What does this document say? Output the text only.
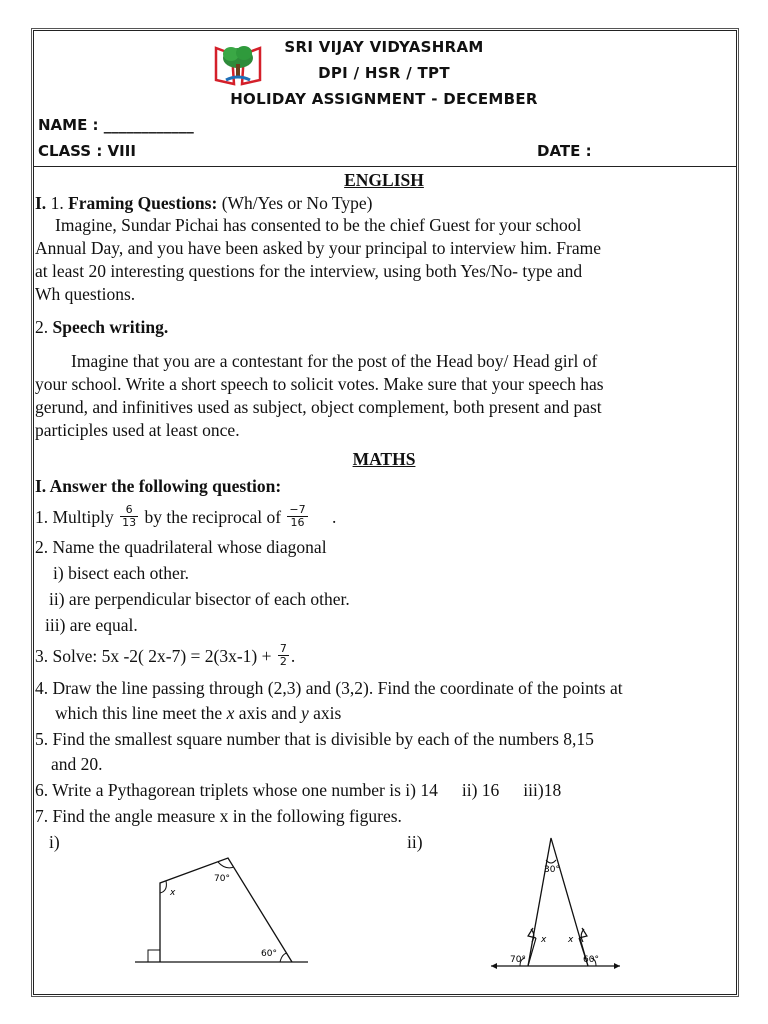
SRI VIJAY VIDYASHRAM
DPI / HSR / TPT
HOLIDAY ASSIGNMENT - DECEMBER
NAME : ____________
CLASS : VIII	DATE :
ENGLISH
I. 1. Framing Questions: (Wh/Yes or No Type)
Imagine, Sundar Pichai has consented to be the chief Guest for your school
Annual Day, and you have been asked by your principal to interview him. Frame
at least 20 interesting questions for the interview, using both Yes/No- type and
Wh questions.
2. Speech writing.
Imagine that you are a contestant for the post of the Head boy/ Head girl of
your school. Write a short speech to solicit votes. Make sure that your speech has
gerund, and infinitives used as subject, object complement, both present and past
participles used at least once.
MATHS
I. Answer the following question:
1. Multiply $\frac{6}{13}$ by the reciprocal of $\frac{-7}{16}$ .
2. Name the quadrilateral whose diagonal
i) bisect each other.
ii) are perpendicular bisector of each other.
iii) are equal.
3. Solve: 5x -2( $2x-7) = 2(3x-1) + \frac{7}{2}$ .
4. Draw the line passing through (2,3) and (3,2). Find the coordinate of the points at
which this line meet the x axis and y axis
5. Find the smallest square number that is divisible by each of the numbers 8,15
and 20.
6. Write a Pythagorean triplets whose one number is i) 14 ii) 16 iii)18
7. Find the angle measure x in the following figures.
i)	ii)
x
70°
60°
30°
x x
70°	60°
